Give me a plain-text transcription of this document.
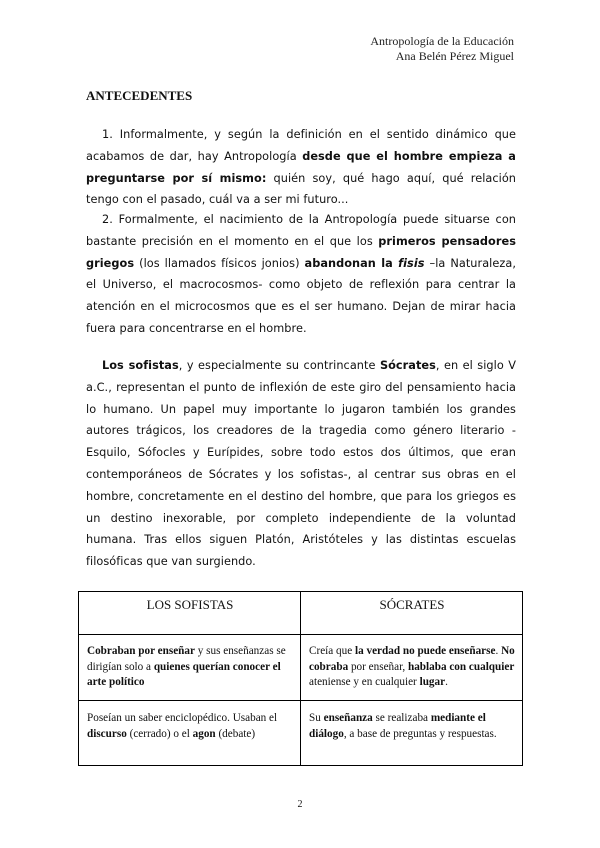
Antropología de la Educación
Ana Belén Pérez Miguel
ANTECEDENTES
1. Informalmente, y según la definición en el sentido dinámico que acabamos de dar, hay Antropología desde que el hombre empieza a preguntarse por sí mismo: quién soy, qué hago aquí, qué relación tengo con el pasado, cuál va a ser mi futuro...
2. Formalmente, el nacimiento de la Antropología puede situarse con bastante precisión en el momento en el que los primeros pensadores griegos (los llamados físicos jonios) abandonan la fisis –la Naturaleza, el Universo, el macrocosmos- como objeto de reflexión para centrar la atención en el microcosmos que es el ser humano. Dejan de mirar hacia fuera para concentrarse en el hombre.
Los sofistas, y especialmente su contrincante Sócrates, en el siglo V a.C., representan el punto de inflexión de este giro del pensamiento hacia lo humano. Un papel muy importante lo jugaron también los grandes autores trágicos, los creadores de la tragedia como género literario -Esquilo, Sófocles y Eurípides, sobre todo estos dos últimos, que eran contemporáneos de Sócrates y los sofistas-, al centrar sus obras en el hombre, concretamente en el destino del hombre, que para los griegos es un destino inexorable, por completo independiente de la voluntad humana. Tras ellos siguen Platón, Aristóteles y las distintas escuelas filosóficas que van surgiendo.
LOS SOFISTAS	SÓCRATES
Cobraban por enseñar y sus enseñanzas se dirigían solo a quienes querían conocer el arte político	Creía que la verdad no puede enseñarse. No cobraba por enseñar, hablaba con cualquier ateniense y en cualquier lugar.
Poseían un saber enciclopédico. Usaban el discurso (cerrado) o el agon (debate)	Su enseñanza se realizaba mediante el diálogo, a base de preguntas y respuestas.
2
